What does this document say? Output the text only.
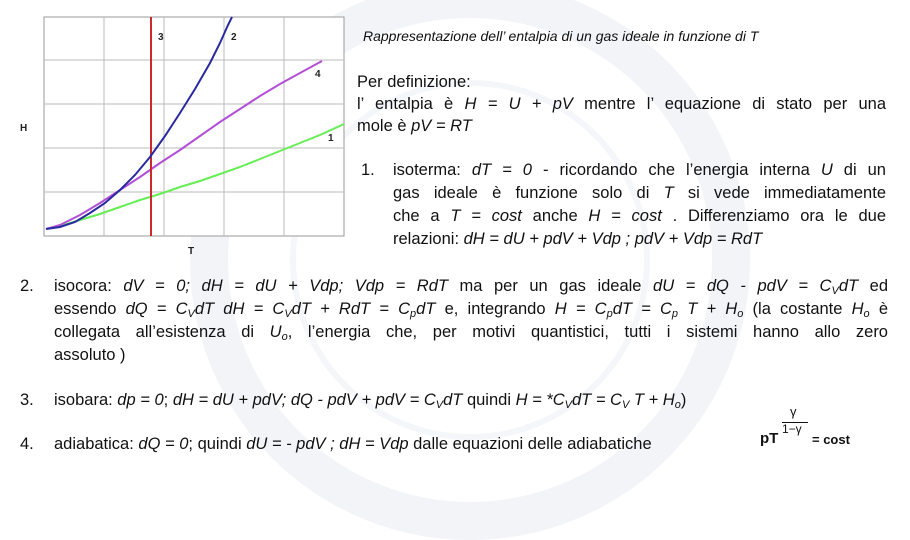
3	2
4
1
H
T
Rappresentazione dell’ entalpia di un gas ideale in funzione di T
Per definizione:
l’ entalpia è H = U + pV mentre l’ equazione di stato per una
mole è pV = RT
1. isoterma: dT = 0 - ricordando che l’energia interna U di un
gas ideale è funzione solo di T si vede immediatamente
che a T = cost anche H = cost . Differenziamo ora le due
relazioni: dH = dU + pdV + Vdp ; pdV + Vdp = RdT
2. isocora: dV = 0; dH = dU + Vdp; Vdp = RdT ma per un gas ideale dU = dQ - pdV = $C_VdT$ ed
essendo dQ = $C_VdT$ dH = $C_VdT$ + RdT = $C_pdT$ e, integrando $H = C_pdT = C_p$ $T + H_o$ (la costante $H_o$ è
collegata all’esistenza di $U_o$, l’energia che, per motivi quantistici, tutti i sistemi hanno allo zero
assoluto )
3. isobara: dp = 0; dH = dU + pdV; dQ - pdV + pdV = $C_VdT$ quindi $H = *C_VdT = C_V$ $T + H_o$)
4. adiabatica: dQ = 0; quindi dU = - pdV ; dH = Vdp dalle equazioni delle adiabatiche	pT
γ
1−γ
= cost
